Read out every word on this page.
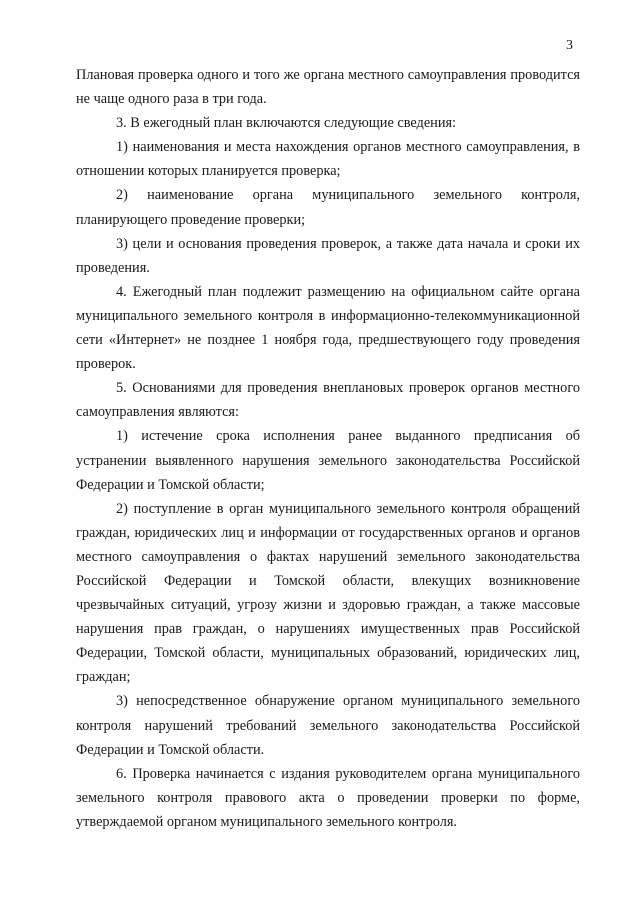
3

Плановая проверка одного и того же органа местного самоуправления проводится не чаще одного раза в три года.

3. В ежегодный план включаются следующие сведения:

1) наименования и места нахождения органов местного самоуправления, в отношении которых планируется проверка;

2) наименование органа муниципального земельного контроля, планирующего проведение проверки;

3) цели и основания проведения проверок, а также дата начала и сроки их проведения.

4. Ежегодный план подлежит размещению на официальном сайте органа муниципального земельного контроля в информационно-телекоммуникационной сети «Интернет» не позднее 1 ноября года, предшествующего году проведения проверок.

5. Основаниями для проведения внеплановых проверок органов местного самоуправления являются:

1) истечение срока исполнения ранее выданного предписания об устранении выявленного нарушения земельного законодательства Российской Федерации и Томской области;

2) поступление в орган муниципального земельного контроля обращений граждан, юридических лиц и информации от государственных органов и органов местного самоуправления о фактах нарушений земельного законодательства Российской Федерации и Томской области, влекущих возникновение чрезвычайных ситуаций, угрозу жизни и здоровью граждан, а также массовые нарушения прав граждан, о нарушениях имущественных прав Российской Федерации, Томской области, муниципальных образований, юридических лиц, граждан;

3) непосредственное обнаружение органом муниципального земельного контроля нарушений требований земельного законодательства Российской Федерации и Томской области.

6. Проверка начинается с издания руководителем органа муниципального земельного контроля правового акта о проведении проверки по форме, утверждаемой органом муниципального земельного контроля.
